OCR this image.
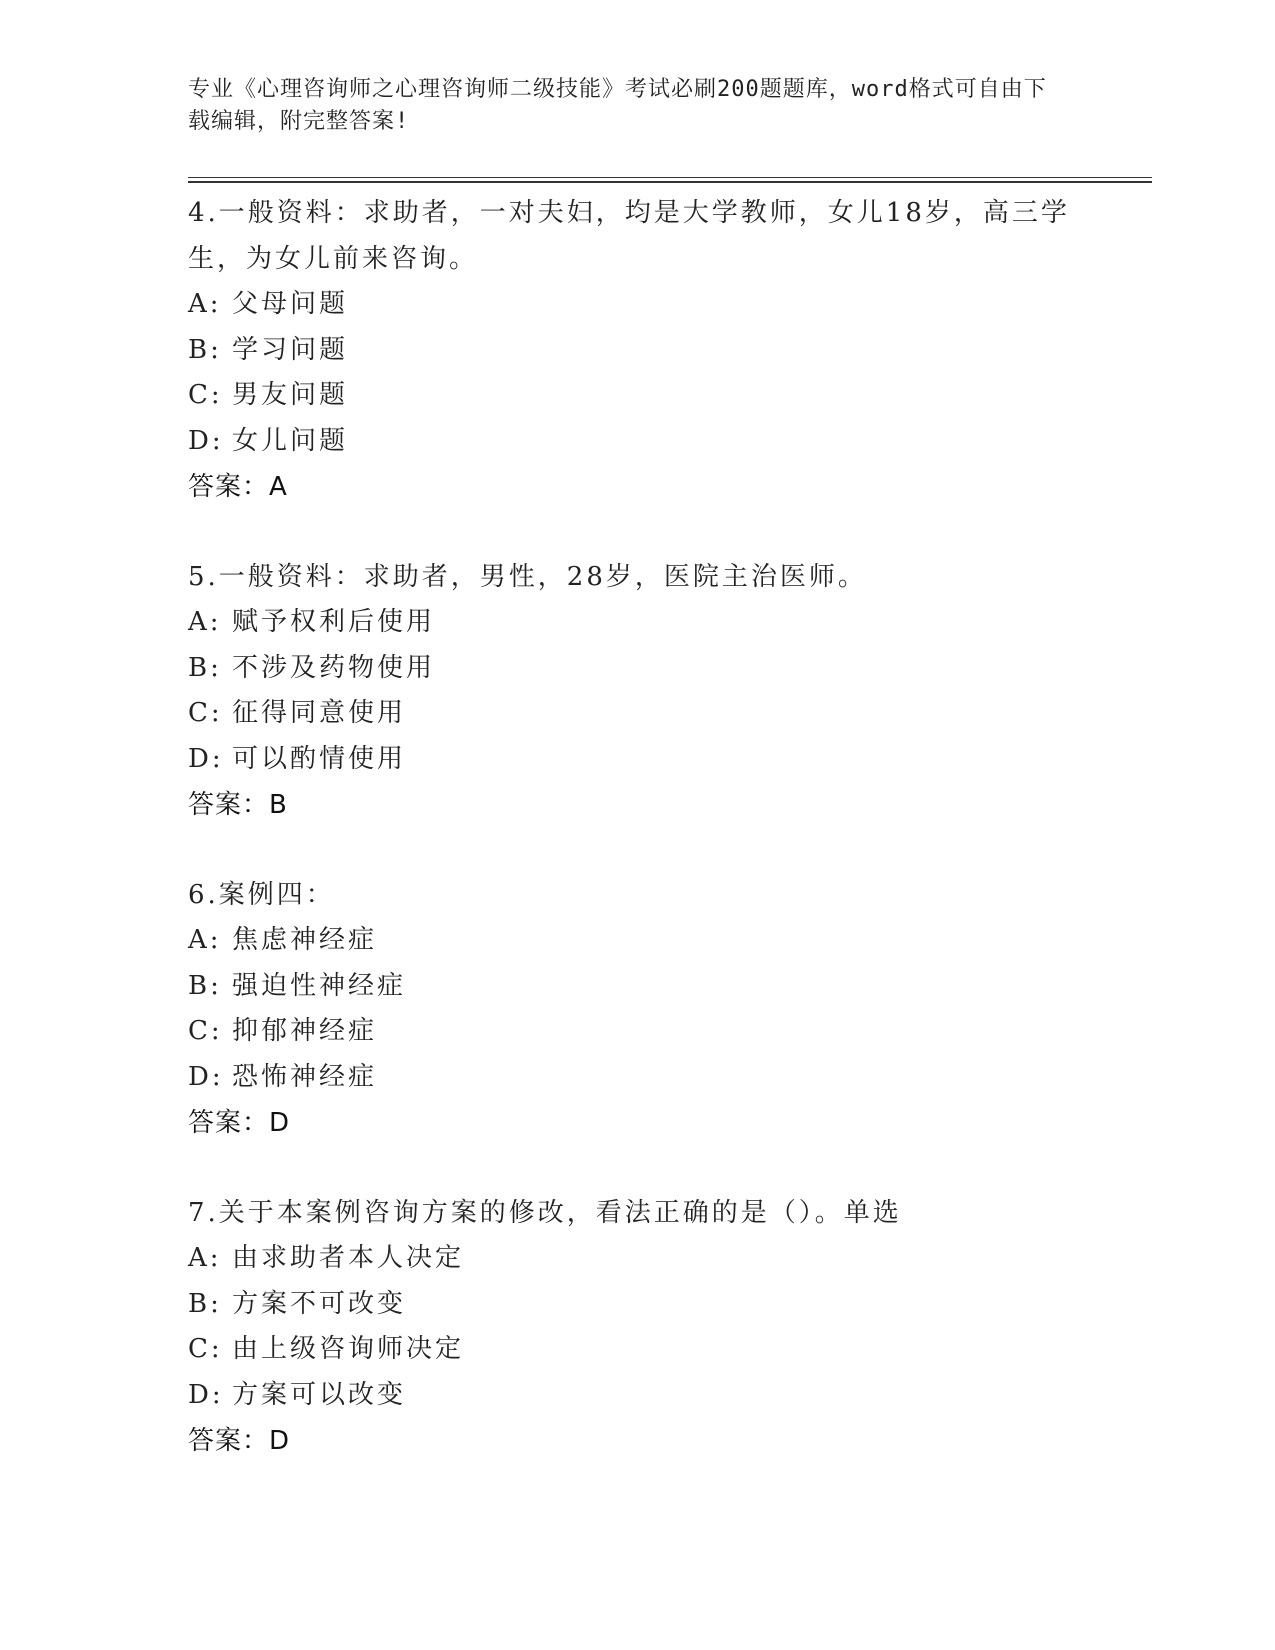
专业《心理咨询师之心理咨询师二级技能》考试必刷200题题库，word格式可自由下载编辑，附完整答案!
4.一般资料：求助者，一对夫妇，均是大学教师，女儿18岁，高三学生，为女儿前来咨询。
A: 父母问题
B: 学习问题
C: 男友问题
D: 女儿问题
答案：A
5.一般资料：求助者，男性，28岁，医院主治医师。
A: 赋予权利后使用
B: 不涉及药物使用
C: 征得同意使用
D: 可以酌情使用
答案：B
6.案例四：
A: 焦虑神经症
B: 强迫性神经症
C: 抑郁神经症
D: 恐怖神经症
答案：D
7.关于本案例咨询方案的修改，看法正确的是（）。单选
A: 由求助者本人决定
B: 方案不可改变
C: 由上级咨询师决定
D: 方案可以改变
答案：D
